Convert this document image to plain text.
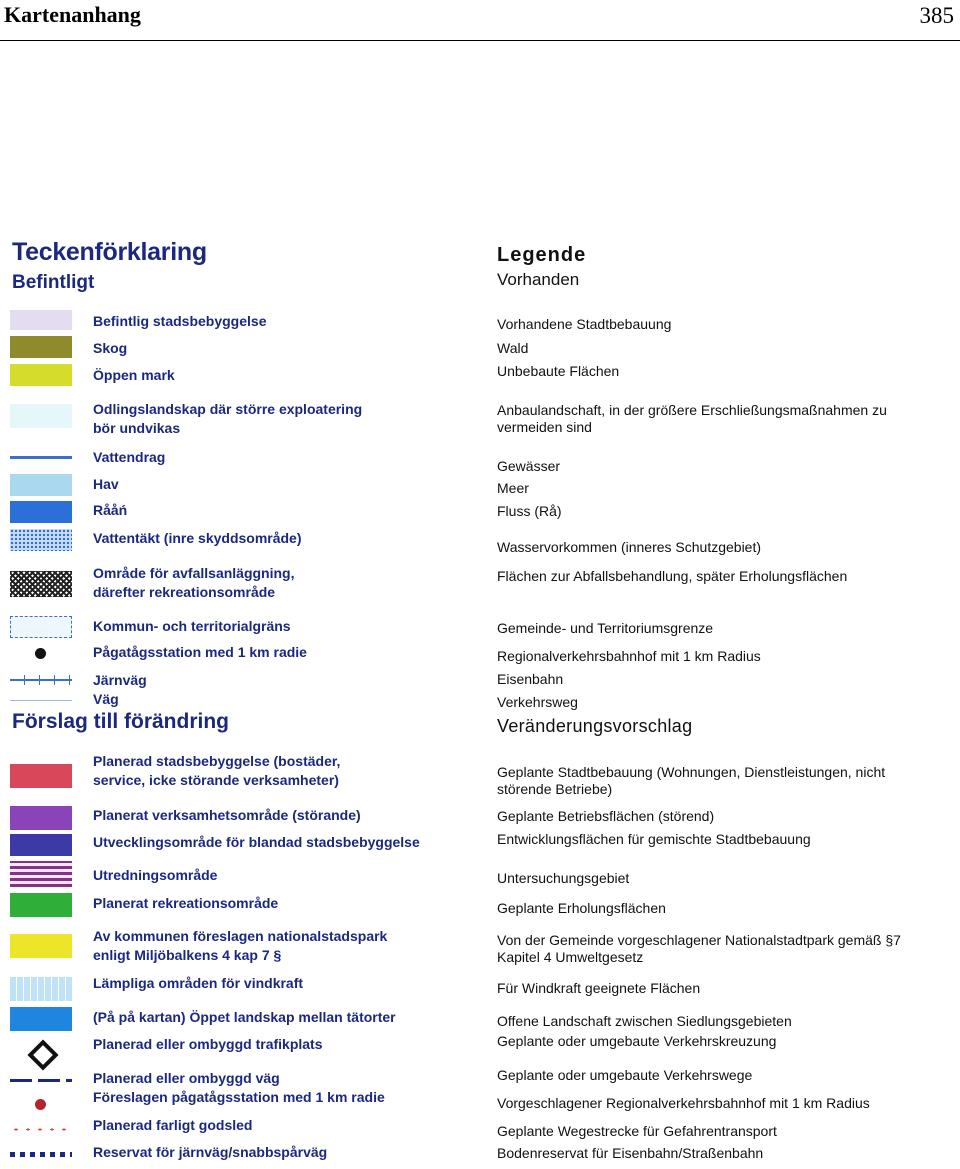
Kartenanhang	385
Teckenförklaring
Befintligt
Förslag till förändring
Befintlig stadsbebyggelse
Skog
Öppen mark
Odlingslandskap där större exploatering
bör undvikas
Vattendrag
Hav
Rååń
Vattentäkt (inre skyddsområde)
Område för avfallsanläggning,
därefter rekreationsområde
Kommun- och territorialgräns
Pågatågsstation med 1 km radie
Järnväg
Väg
Planerad stadsbebyggelse (bostäder,
service, icke störande verksamheter)
Planerat verksamhetsområde (störande)
Utvecklingsområde för blandad stadsbebyggelse
Utredningsområde
Planerat rekreationsområde
Av kommunen föreslagen nationalstadspark
enligt Miljöbalkens 4 kap 7 §
Lämpliga områden för vindkraft
(På på kartan) Öppet landskap mellan tätorter
Planerad eller ombyggd trafikplats
Planerad eller ombyggd väg
Föreslagen pågatågsstation med 1 km radie
Planerad farligt godsled
Reservat för järnväg/snabbspårväg
Legende
Vorhanden
Veränderungsvorschlag
Vorhandene Stadtbebauung
Wald
Unbebaute Flächen
Anbaulandschaft, in der größere Erschließungsmaßnahmen zu vermeiden sind
Gewässer
Meer
Fluss (Rå)
Wasservorkommen (inneres Schutzgebiet)
Flächen zur Abfallsbehandlung, später Erholungsflächen
Gemeinde- und Territoriumsgrenze
Regionalverkehrsbahnhof mit 1 km Radius
Eisenbahn
Verkehrsweg
Geplante Stadtbebauung (Wohnungen, Dienstleistungen, nicht störende Betriebe)
Geplante Betriebsflächen (störend)
Entwicklungsflächen für gemischte Stadtbebauung
Untersuchungsgebiet
Geplante Erholungsflächen
Von der Gemeinde vorgeschlagener Nationalstadtpark gemäß §7 Kapitel 4 Umweltgesetz
Für Windkraft geeignete Flächen
Offene Landschaft zwischen Siedlungsgebieten
Geplante oder umgebaute Verkehrskreuzung
Geplante oder umgebaute Verkehrswege
Vorgeschlagener Regionalverkehrsbahnhof mit 1 km Radius
Geplante Wegestrecke für Gefahrentransport
Bodenreservat für Eisenbahn/Straßenbahn
